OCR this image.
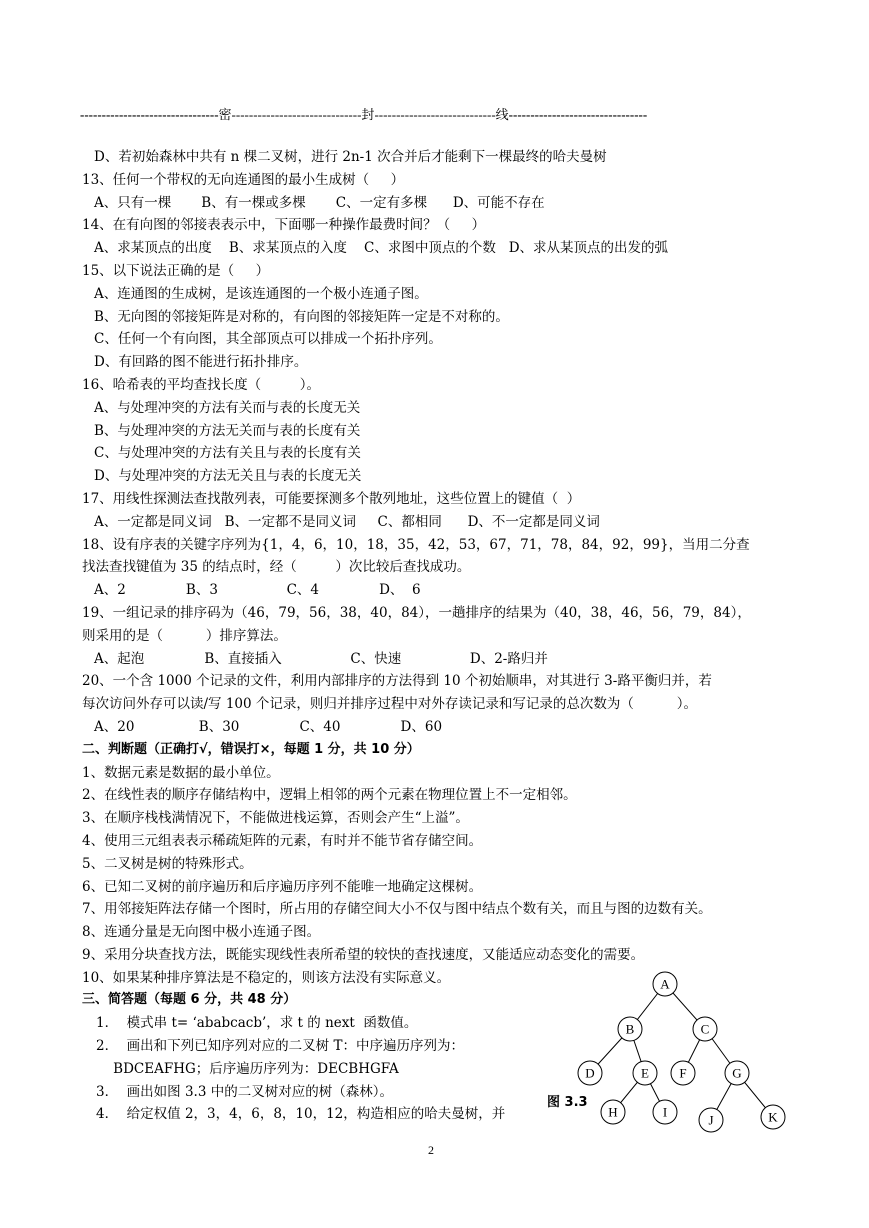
--------------------------------密------------------------------封----------------------------线--------------------------------
D、若初始森林中共有 n 棵二叉树，进行 2n-1 次合并后才能剩下一棵最终的哈夫曼树
13、任何一个带权的无向连通图的最小生成树（     ）
A、只有一棵       B、有一棵或多棵       C、一定有多棵      D、可能不存在
14、在有向图的邻接表表示中，下面哪一种操作最费时间？（     ）
A、求某顶点的出度    B、求某顶点的入度    C、求图中顶点的个数   D、求从某顶点的出发的弧
15、以下说法正确的是（     ）
A、连通图的生成树，是该连通图的一个极小连通子图。
B、无向图的邻接矩阵是对称的，有向图的邻接矩阵一定是不对称的。
C、任何一个有向图，其全部顶点可以排成一个拓扑序列。
D、有回路的图不能进行拓扑排序。
16、哈希表的平均查找长度（         ）。
A、与处理冲突的方法有关而与表的长度无关
B、与处理冲突的方法无关而与表的长度有关
C、与处理冲突的方法有关且与表的长度有关
D、与处理冲突的方法无关且与表的长度无关
17、用线性探测法查找散列表，可能要探测多个散列地址，这些位置上的键值（  ）
A、一定都是同义词   B、一定都不是同义词     C、都相同      D、不一定都是同义词
18、设有序表的关键字序列为{1，4，6，10，18，35，42，53，67，71，78，84，92，99}，当用二分查
找法查找键值为 35 的结点时，经（         ）次比较后查找成功。
A、2              B、3                C、4              D、  6
19、一组记录的排序码为（46，79，56，38，40，84），一趟排序的结果为（40，38，46，56，79，84），
则采用的是（          ）排序算法。
A、起泡              B、直接插入                C、快速                D、2-路归并
20、一个含 1000 个记录的文件，利用内部排序的方法得到 10 个初始顺串，对其进行 3-路平衡归并，若
每次访问外存可以读/写 100 个记录，则归并排序过程中对外存读记录和写记录的总次数为（          ）。
A、20               B、30              C、40              D、60
二、判断题（正确打√，错误打×，每题 1 分，共 10 分）
1、数据元素是数据的最小单位。
2、在线性表的顺序存储结构中，逻辑上相邻的两个元素在物理位置上不一定相邻。
3、在顺序栈栈满情况下，不能做进栈运算，否则会产生“上溢”。
4、使用三元组表表示稀疏矩阵的元素，有时并不能节省存储空间。
5、二叉树是树的特殊形式。
6、已知二叉树的前序遍历和后序遍历序列不能唯一地确定这棵树。
7、用邻接矩阵法存储一个图时，所占用的存储空间大小不仅与图中结点个数有关，而且与图的边数有关。
8、连通分量是无向图中极小连通子图。
9、采用分块查找方法，既能实现线性表所希望的较快的查找速度，又能适应动态变化的需要。
10、如果某种排序算法是不稳定的，则该方法没有实际意义。
三、简答题（每题 6 分，共 48 分）
1．  模式串 t= ‘ababcacb’，求 t 的 next  函数值。
2．  画出和下列已知序列对应的二叉树 T：中序遍历序列为：
BDCEAFHG；后序遍历序列为：DECBHGFA
3．  画出如图 3.3 中的二叉树对应的树（森林）。
4．  给定权值 2，3，4，6，8，10，12，构造相应的哈夫曼树，并
A
B	C
D	E F	G
H	I
J	K
图 3.3
2
